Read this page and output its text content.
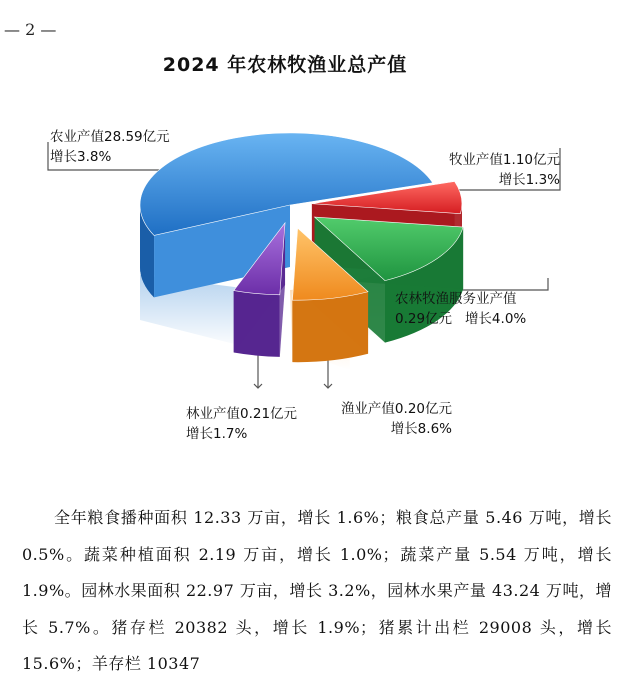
— 2 —
2024 年农林牧渔业总产值
农业产值28.59亿元
增长3.8%	牧业产值1.10亿元
增长1.3%
农林牧渔服务业产值
0.29亿元 增长4.0%
林业产值0.21亿元
增长1.7%
渔业产值0.20亿元
增长8.6%
全年粮食播种面积 12.33 万亩，增长 1.6%；粮食总产量 5.46 万吨，增长 0.5%。蔬菜种植面积 2.19 万亩，增长 1.0%；蔬菜产量 5.54 万吨，增长 1.9%。园林水果面积 22.97 万亩，增长 3.2%，园林水果产量 43.24 万吨，增长 5.7%。猪存栏 20382 头，增长 1.9%；猪累计出栏 29008 头，增长 15.6%；羊存栏 10347
